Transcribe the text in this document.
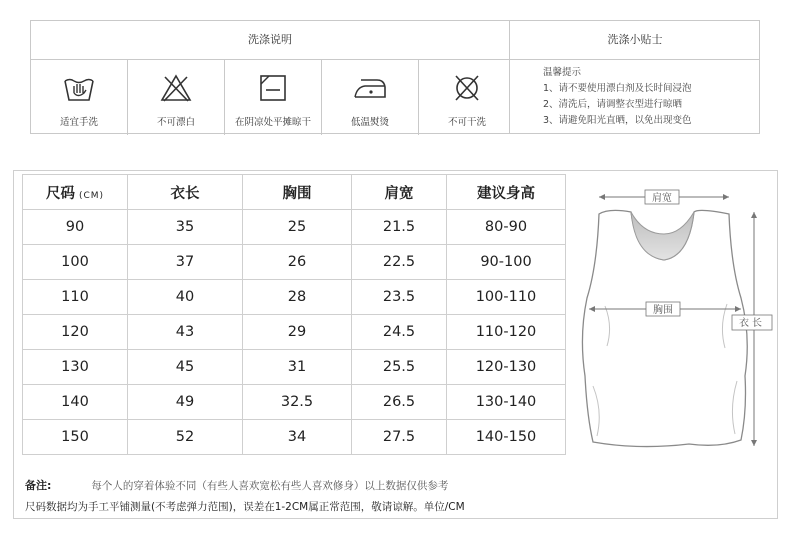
洗涤说明	洗涤小贴士
适宜手洗	不可漂白	在阴凉处平摊晾干	低温熨烫	不可干洗
温馨提示
1、请不要使用漂白剂及长时间浸泡
2、清洗后，请调整衣型进行晾晒
3、请避免阳光直晒，以免出现变色
尺码 (CM)	衣长	胸围	肩宽	建议身高
90	35	25	21.5	80-90
100	37	26	22.5	90-100
110	40	28	23.5	100-110
120	43	29	24.5	110-120
130	45	31	25.5	120-130
140	49	32.5	26.5	130-140
150	52	34	27.5	140-150
肩宽
胸围
衣长
备注:	每个人的穿着体验不同（有些人喜欢宽松有些人喜欢修身）以上数据仅供参考
尺码数据均为手工平铺测量(不考虑弹力范围)，误差在1-2CM属正常范围，敬请谅解。单位/CM
